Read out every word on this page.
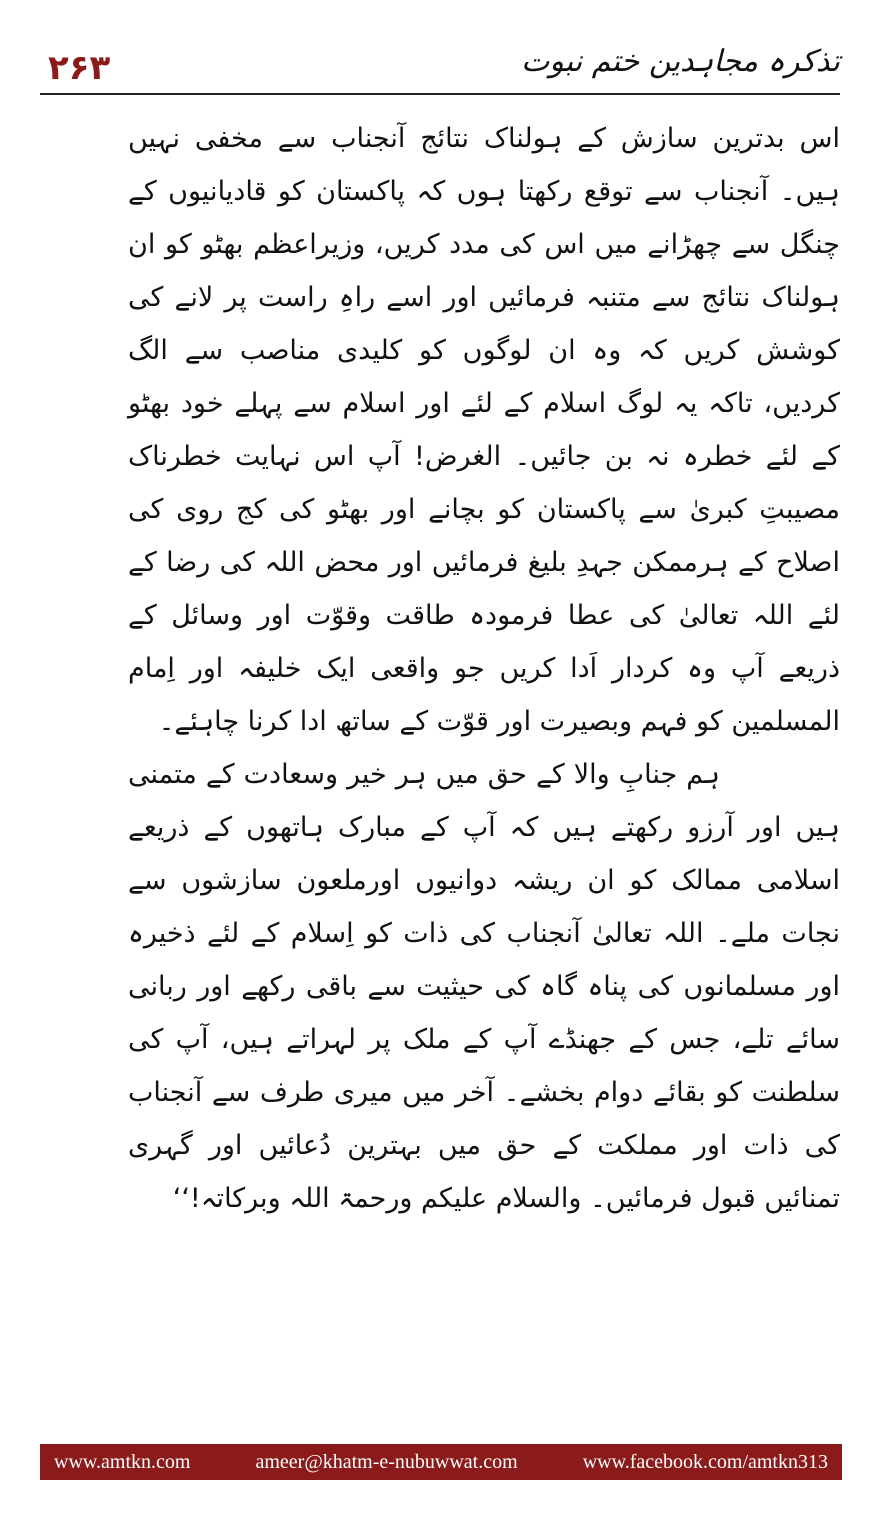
۲۶۳	تذکرہ مجاہدین ختم نبوت

اس بدترین سازش کے ہولناک نتائج آنجناب سے مخفی نہیں ہیں۔ آنجناب سے توقع رکھتا ہوں کہ پاکستان کو قادیانیوں کے چنگل سے چھڑانے میں اس کی مدد کریں، وزیراعظم بھٹو کو ان ہولناک نتائج سے متنبہ فرمائیں اور اسے راہِ راست پر لانے کی کوشش کریں کہ وہ ان لوگوں کو کلیدی مناصب سے الگ کردیں، تاکہ یہ لوگ اسلام کے لئے اور اسلام سے پہلے خود بھٹو کے لئے خطرہ نہ بن جائیں۔ الغرض! آپ اس نہایت خطرناک مصیبتِ کبریٰ سے پاکستان کو بچانے اور بھٹو کی کج روی کی اصلاح کے ہرممکن جہدِ بلیغ فرمائیں اور محض اللہ کی رضا کے لئے اللہ تعالیٰ کی عطا فرمودہ طاقت وقوّت اور وسائل کے ذریعے آپ وہ کردار اَدا کریں جو واقعی ایک خلیفہ اور اِمام المسلمین کو فہم وبصیرت اور قوّت کے ساتھ ادا کرنا چاہئے۔

ہم جنابِ والا کے حق میں ہر خیر وسعادت کے متمنی ہیں اور آرزو رکھتے ہیں کہ آپ کے مبارک ہاتھوں کے ذریعے اسلامی ممالک کو ان ریشہ دوانیوں اورملعون سازشوں سے نجات ملے۔ اللہ تعالیٰ آنجناب کی ذات کو اِسلام کے لئے ذخیرہ اور مسلمانوں کی پناہ گاہ کی حیثیت سے باقی رکھے اور ربانی سائے تلے، جس کے جھنڈے آپ کے ملک پر لہراتے ہیں، آپ کی سلطنت کو بقائے دوام بخشے۔ آخر میں میری طرف سے آنجناب کی ذات اور مملکت کے حق میں بہترین دُعائیں اور گہری تمنائیں قبول فرمائیں۔ والسلام علیکم ورحمۃ اللہ وبرکاتہ!‘‘

www.amtkn.com	ameer@khatm-e-nubuwwat.com	www.facebook.com/amtkn313
